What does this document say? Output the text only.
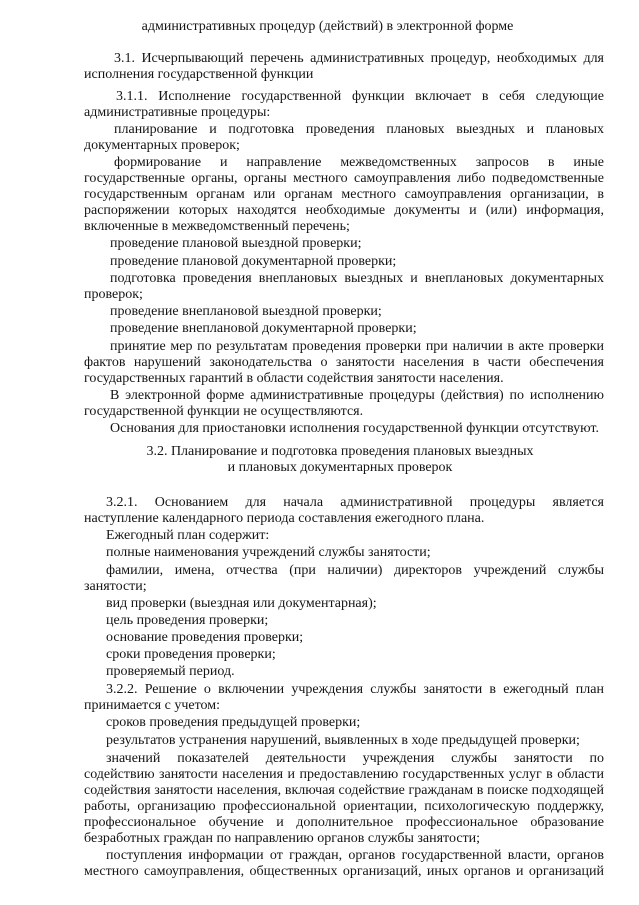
административных процедур (действий) в электронной форме
3.1. Исчерпывающий перечень административных процедур, необходимых для
исполнения государственной функции
3.1.1. Исполнение государственной функции включает в себя следующие
административные процедуры:
планирование и подготовка проведения плановых выездных и плановых
документарных проверок;
формирование и направление межведомственных запросов в иные
государственные органы, органы местного самоуправления либо подведомственные
государственным органам или органам местного самоуправления организации, в
распоряжении которых находятся необходимые документы и (или) информация,
включенные в межведомственный перечень;
проведение плановой выездной проверки;
проведение плановой документарной проверки;
подготовка проведения внеплановых выездных и внеплановых документарных
проверок;
проведение внеплановой выездной проверки;
проведение внеплановой документарной проверки;
принятие мер по результатам проведения проверки при наличии в акте проверки
фактов нарушений законодательства о занятости населения в части обеспечения
государственных гарантий в области содействия занятости населения.
В электронной форме административные процедуры (действия) по исполнению
государственной функции не осуществляются.
Основания для приостановки исполнения государственной функции отсутствуют.
3.2. Планирование и подготовка проведения плановых выездных
и плановых документарных проверок
3.2.1. Основанием для начала административной процедуры является
наступление календарного периода составления ежегодного плана.
Ежегодный план содержит:
полные наименования учреждений службы занятости;
фамилии, имена, отчества (при наличии) директоров учреждений службы
занятости;
вид проверки (выездная или документарная);
цель проведения проверки;
основание проведения проверки;
сроки проведения проверки;
проверяемый период.
3.2.2. Решение о включении учреждения службы занятости в ежегодный план
принимается с учетом:
сроков проведения предыдущей проверки;
результатов устранения нарушений, выявленных в ходе предыдущей проверки;
значений показателей деятельности учреждения службы занятости по
содействию занятости населения и предоставлению государственных услуг в области
содействия занятости населения, включая содействие гражданам в поиске подходящей
работы, организацию профессиональной ориентации, психологическую поддержку,
профессиональное обучение и дополнительное профессиональное образование
безработных граждан по направлению органов службы занятости;
поступления информации от граждан, органов государственной власти, органов
местного самоуправления, общественных организаций, иных органов и организаций
